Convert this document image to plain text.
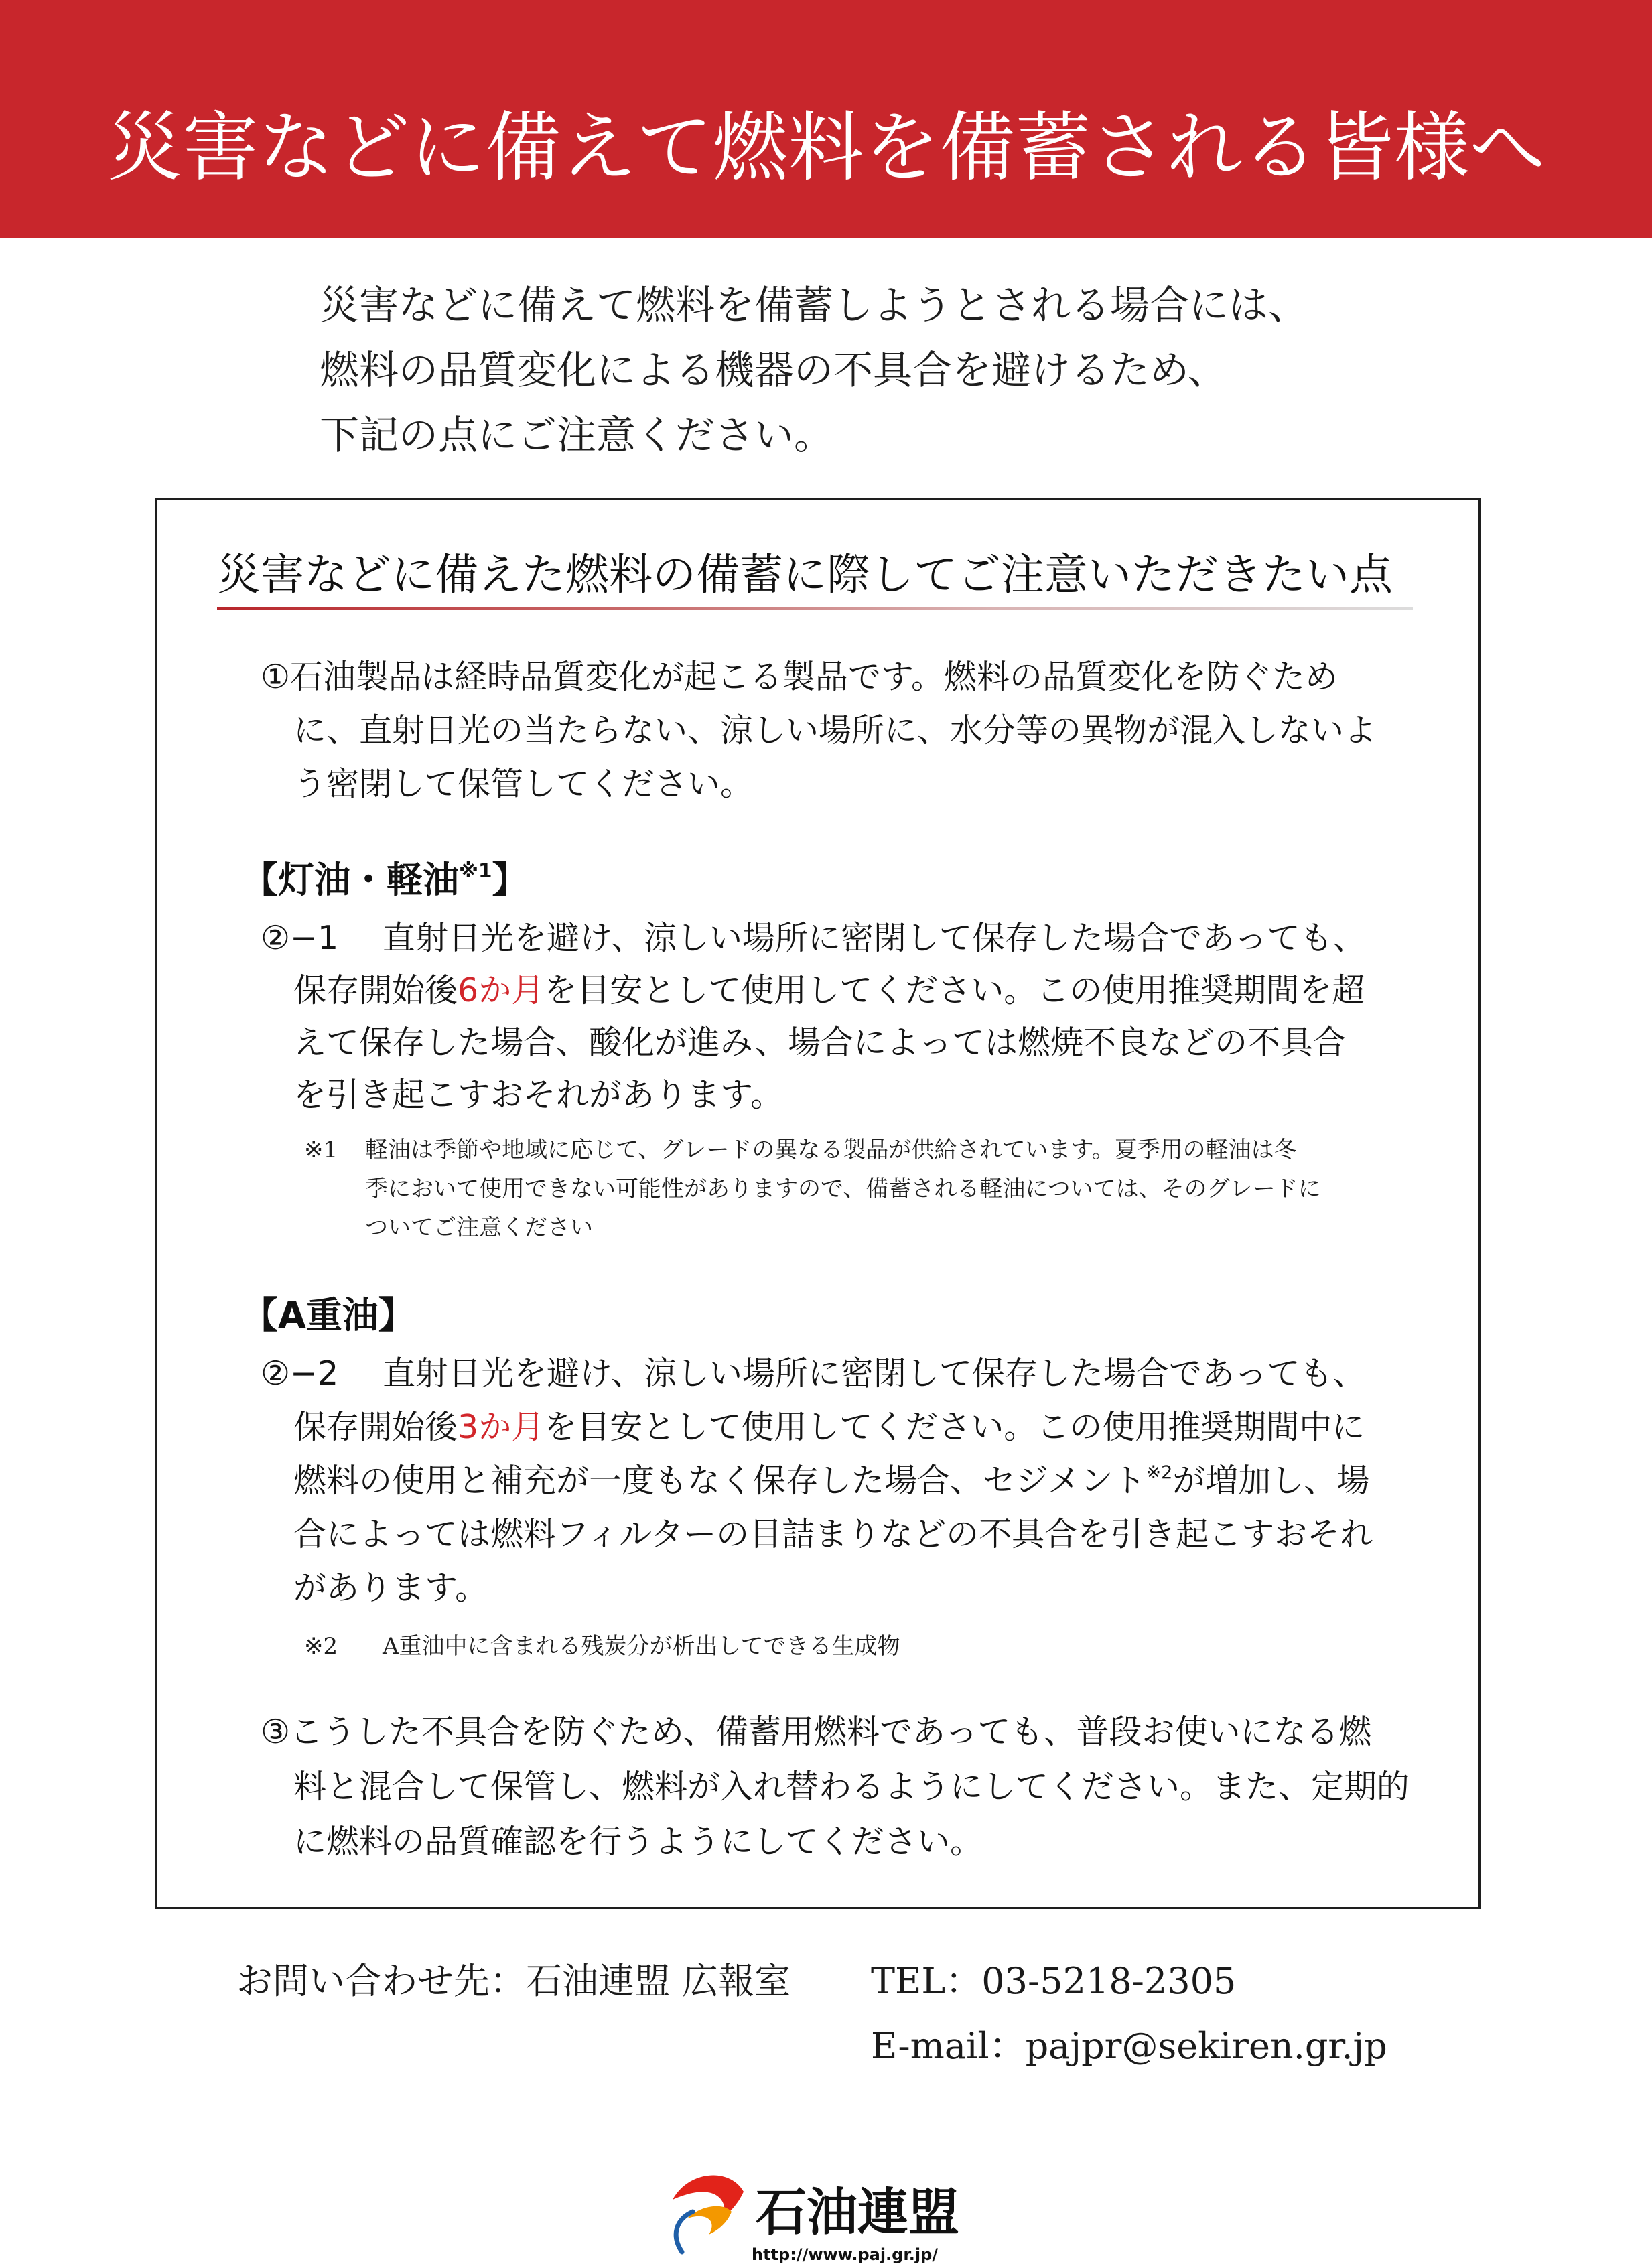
災害などに備えて燃料を備蓄される皆様へ
災害などに備えて燃料を備蓄しようとされる場合には、
燃料の品質変化による機器の不具合を避けるため、
下記の点にご注意ください。
災害などに備えた燃料の備蓄に際してご注意いただきたい点
①石油製品は経時品質変化が起こる製品です。燃料の品質変化を防ぐため
に、直射日光の当たらない、涼しい場所に、水分等の異物が混入しないよ
う密閉して保管してください。
【灯油・軽油$^{※1}$】
②−1 直射日光を避け、涼しい場所に密閉して保存した場合であっても、
保存開始後6か月を目安として使用してください。この使用推奨期間を超
えて保存した場合、酸化が進み、場合によっては燃焼不良などの不具合
を引き起こすおそれがあります。
※1	軽油は季節や地域に応じて、グレードの異なる製品が供給されています。夏季用の軽油は冬
季において使用できない可能性がありますので、備蓄される軽油については、そのグレードに
ついてご注意ください
【A重油】
②−2 直射日光を避け、涼しい場所に密閉して保存した場合であっても、
保存開始後3か月を目安として使用してください。この使用推奨期間中に
燃料の使用と補充が一度もなく保存した場合、セジメント$^{※2}$が増加し、場
合によっては燃料フィルターの目詰まりなどの不具合を引き起こすおそれ
があります。
※2	A重油中に含まれる残炭分が析出してできる生成物
③こうした不具合を防ぐため、備蓄用燃料であっても、普段お使いになる燃
料と混合して保管し、燃料が入れ替わるようにしてください。また、定期的
に燃料の品質確認を行うようにしてください。
お問い合わせ先：石油連盟 広報室 TEL：03-5218-2305
E-mail：pajpr@sekiren.gr.jp
石油連盟
http://www.paj.gr.jp/
